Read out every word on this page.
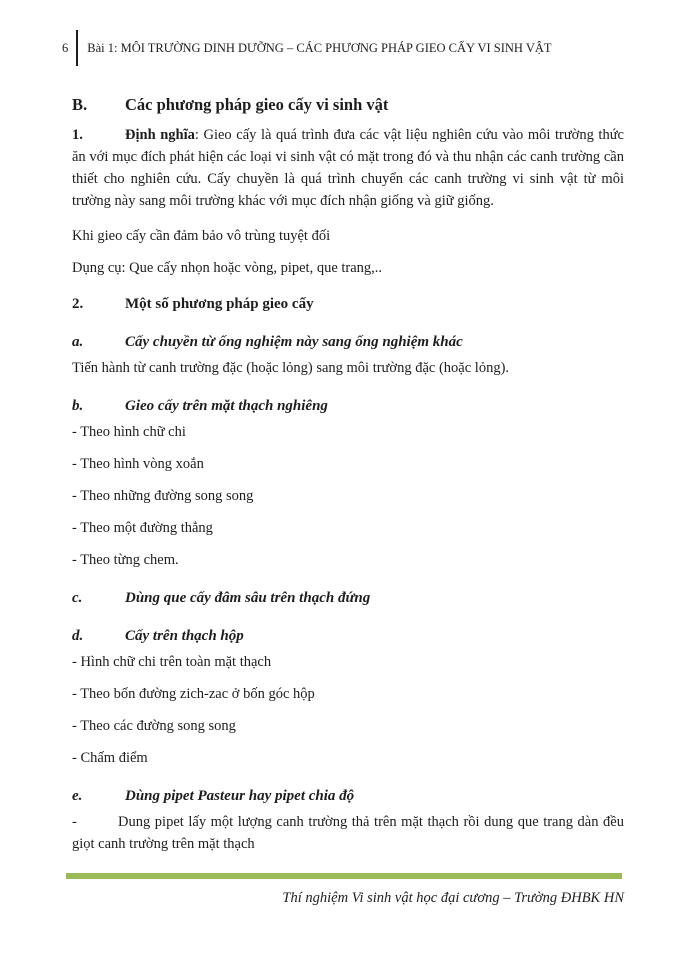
6 Bài 1: MÔI TRƯỜNG DINH DƯỠNG – CÁC PHƯƠNG PHÁP GIEO CẤY VI SINH VẬT
B. Các phương pháp gieo cấy vi sinh vật

1.	Định nghĩa: Gieo cấy là quá trình đưa các vật liệu nghiên cứu vào môi trường thức ăn với mục đích phát hiện các loại vi sinh vật có mặt trong đó và thu nhận các canh trường cần thiết cho nghiên cứu. Cấy chuyền là quá trình chuyển các canh trường vi sinh vật từ môi trường này sang môi trường khác với mục đích nhận giống và giữ giống.

Khi gieo cấy cần đảm bảo vô trùng tuyệt đối

Dụng cụ: Que cấy nhọn hoặc vòng, pipet, que trang,..

2.	Một số phương pháp gieo cấy
a.	Cấy chuyền từ ống nghiệm này sang ống nghiệm khác

Tiến hành từ canh trường đặc (hoặc lỏng) sang môi trường đặc (hoặc lỏng).

b.	Gieo cấy trên mặt thạch nghiêng
- Theo hình chữ chi
- Theo hình vòng xoắn
- Theo những đường song song
- Theo một đường thẳng
- Theo từng chem.
c.	Dùng que cấy đâm sâu trên thạch đứng
d.	Cấy trên thạch hộp
- Hình chữ chi trên toàn mặt thạch
- Theo bốn đường zich-zac ở bốn góc hộp
- Theo các đường song song
- Chấm điểm
e.	Dùng pipet Pasteur hay pipet chia độ

-	Dung pipet lấy một lượng canh trường thả trên mặt thạch rồi dung que trang dàn đều giọt canh trường trên mặt thạch

Thí nghiệm Vi sinh vật học đại cương – Trường ĐHBK HN
